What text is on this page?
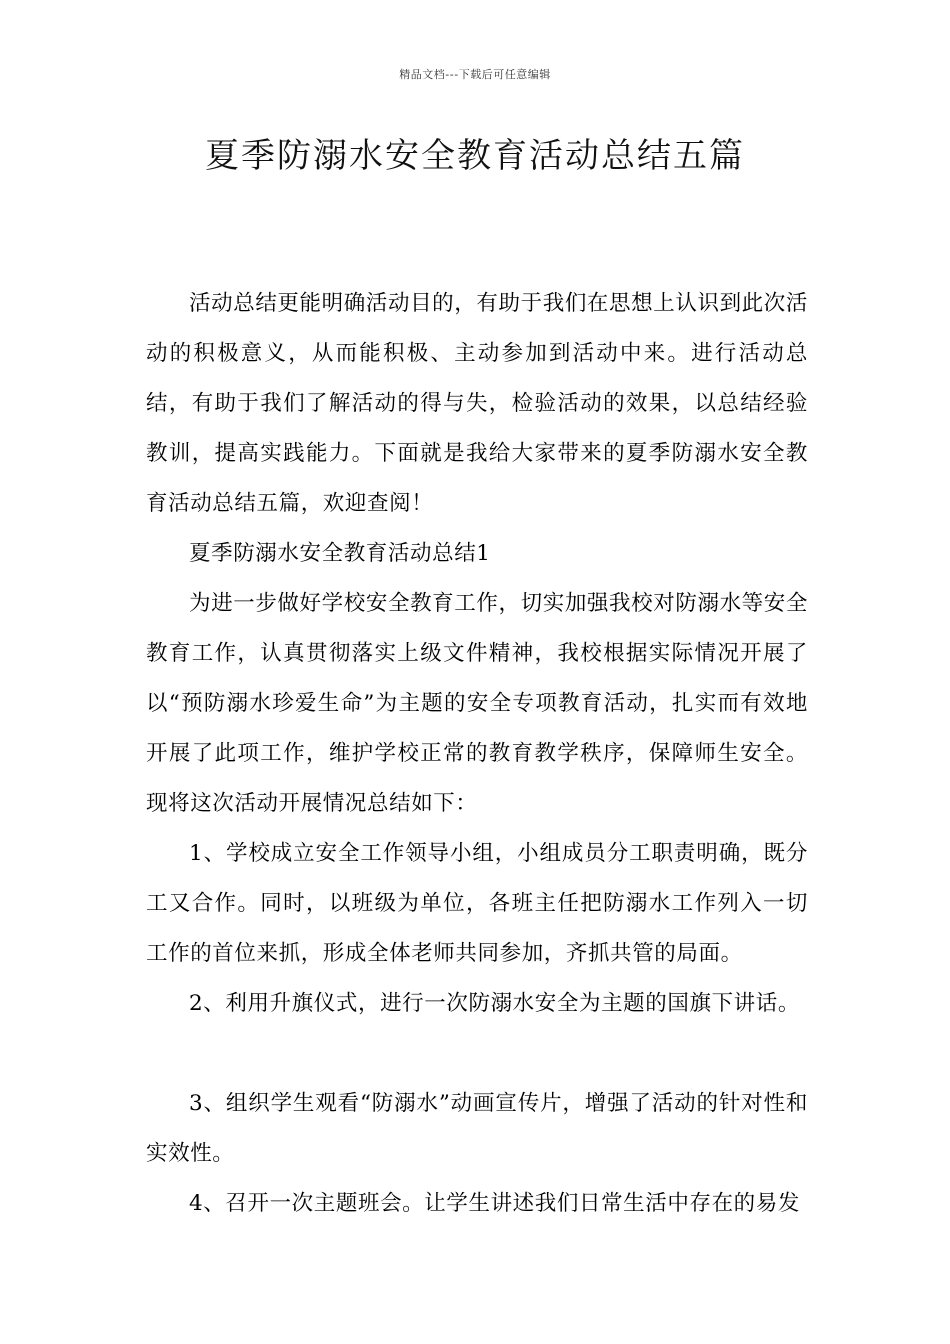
精品文档---下载后可任意编辑
夏季防溺水安全教育活动总结五篇

活动总结更能明确活动目的，有助于我们在思想上认识到此次活动的积极意义，从而能积极、主动参加到活动中来。进行活动总结，有助于我们了解活动的得与失，检验活动的效果，以总结经验教训，提高实践能力。下面就是我给大家带来的夏季防溺水安全教育活动总结五篇，欢迎查阅！

夏季防溺水安全教育活动总结1

为进一步做好学校安全教育工作，切实加强我校对防溺水等安全教育工作，认真贯彻落实上级文件精神，我校根据实际情况开展了以“预防溺水珍爱生命”为主题的安全专项教育活动，扎实而有效地开展了此项工作，维护学校正常的教育教学秩序，保障师生安全。现将这次活动开展情况总结如下：

1、学校成立安全工作领导小组，小组成员分工职责明确，既分工又合作。同时，以班级为单位，各班主任把防溺水工作列入一切工作的首位来抓，形成全体老师共同参加，齐抓共管的局面。

2、利用升旗仪式，进行一次防溺水安全为主题的国旗下讲话。

3、组织学生观看“防溺水”动画宣传片，增强了活动的针对性和实效性。

4、召开一次主题班会。让学生讲述我们日常生活中存在的易发
